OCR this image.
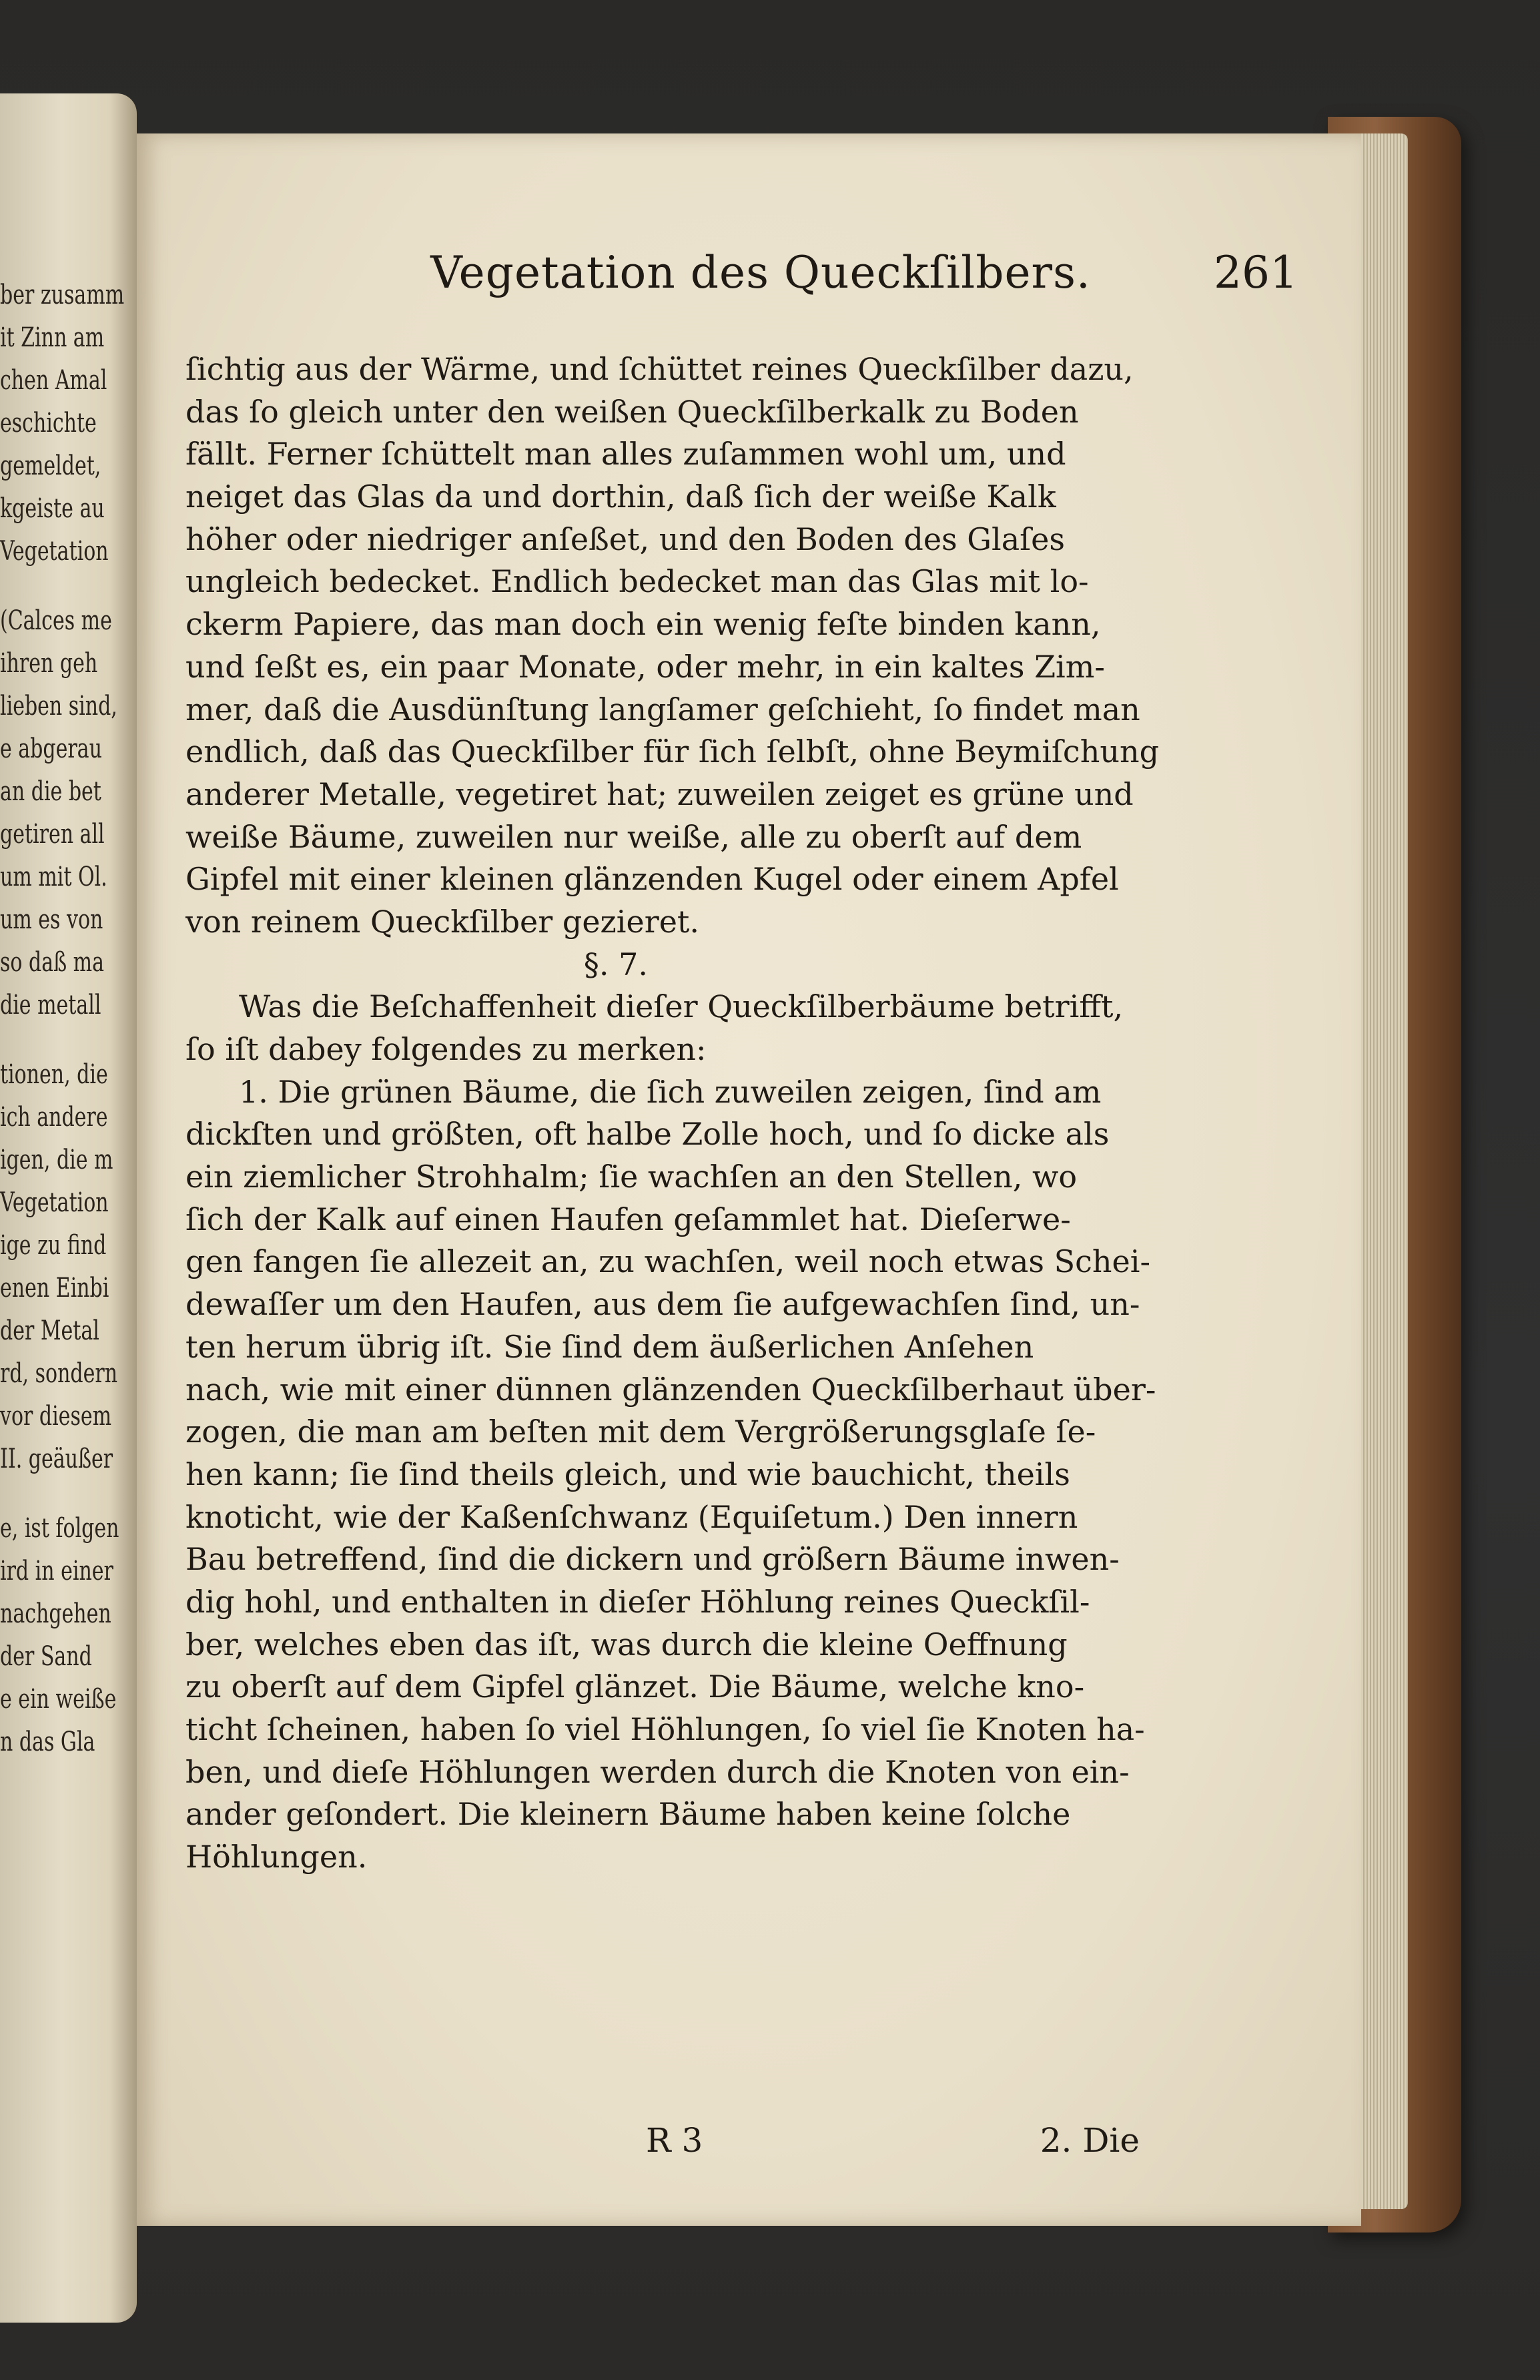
ber zusamm
it Zinn am
chen Amal
eschichte
gemeldet,
kgeiste au
Vegetation
(Calces me
ihren geh
lieben sind,
e abgerau
an die bet
getiren all
um mit Ol.
um es von
so daß ma
die metall
tionen, die
ich andere
igen, die m
Vegetation
ige zu find
enen Einbi
der Metal
rd, sondern
vor diesem
II. geäußer
e, ist folgen
ird in einer
nachgehen
der Sand
e ein weiße
n das Gla
Vegetation des Queckſilbers.	261
ſichtig aus der Wärme, und ſchüttet reines Queckſilber dazu,
das ſo gleich unter den weißen Queckſilberkalk zu Boden
fällt. Ferner ſchüttelt man alles zuſammen wohl um, und
neiget das Glas da und dorthin, daß ſich der weiße Kalk
höher oder niedriger anſeßet, und den Boden des Glaſes
ungleich bedecket. Endlich bedecket man das Glas mit lo-
ckerm Papiere, das man doch ein wenig feſte binden kann,
und ſeßt es, ein paar Monate, oder mehr, in ein kaltes Zim-
mer, daß die Ausdünſtung langſamer geſchieht, ſo findet man
endlich, daß das Queckſilber für ſich ſelbſt, ohne Beymiſchung
anderer Metalle, vegetiret hat; zuweilen zeiget es grüne und
weiße Bäume, zuweilen nur weiße, alle zu oberſt auf dem
Gipfel mit einer kleinen glänzenden Kugel oder einem Apfel
von reinem Queckſilber gezieret.
§. 7.
Was die Beſchaffenheit dieſer Queckſilberbäume betrifft,
ſo iſt dabey folgendes zu merken:
1. Die grünen Bäume, die ſich zuweilen zeigen, ſind am
dickſten und größten, oft halbe Zolle hoch, und ſo dicke als
ein ziemlicher Strohhalm; ſie wachſen an den Stellen, wo
ſich der Kalk auf einen Haufen geſammlet hat. Dieſerwe-
gen fangen ſie allezeit an, zu wachſen, weil noch etwas Schei-
dewaſſer um den Haufen, aus dem ſie aufgewachſen ſind, un-
ten herum übrig iſt. Sie ſind dem äußerlichen Anſehen
nach, wie mit einer dünnen glänzenden Queckſilberhaut über-
zogen, die man am beſten mit dem Vergrößerungsglaſe ſe-
hen kann; ſie ſind theils gleich, und wie bauchicht, theils
knoticht, wie der Kaßenſchwanz (Equiſetum.) Den innern
Bau betreffend, ſind die dickern und größern Bäume inwen-
dig hohl, und enthalten in dieſer Höhlung reines Queckſil-
ber, welches eben das iſt, was durch die kleine Oeffnung
zu oberſt auf dem Gipfel glänzet. Die Bäume, welche kno-
ticht ſcheinen, haben ſo viel Höhlungen, ſo viel ſie Knoten ha-
ben, und dieſe Höhlungen werden durch die Knoten von ein-
ander geſondert. Die kleinern Bäume haben keine ſolche
Höhlungen.
R 3	2. Die
